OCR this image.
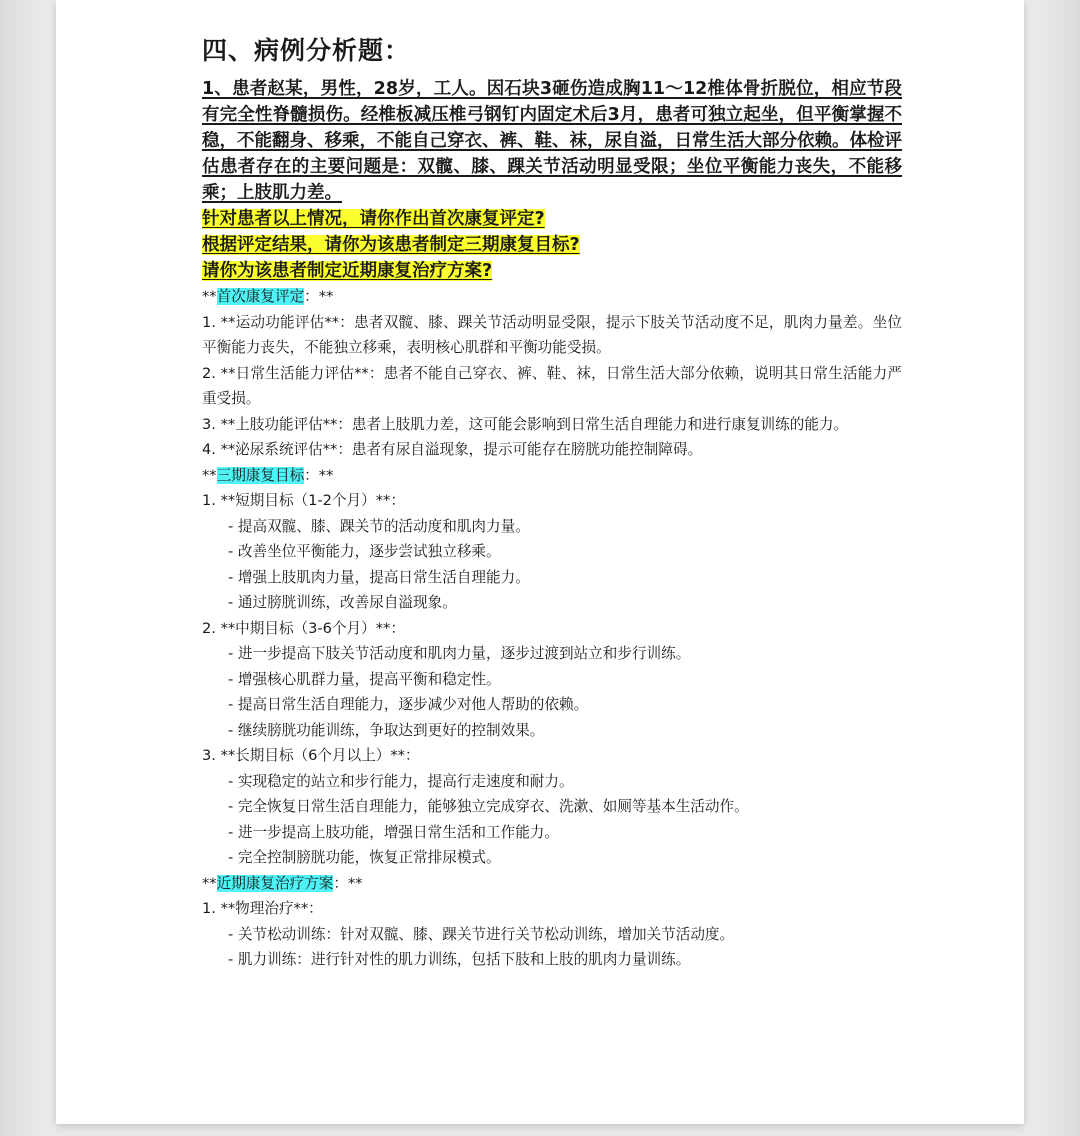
四、病例分析题：

1、患者赵某，男性，28岁，工人。因石块3砸伤造成胸11～12椎体骨折脱位，相应节段有完全性脊髓损伤。经椎板减压椎弓钢钉内固定术后3月，患者可独立起坐，但平衡掌握不稳，不能翻身、移乘，不能自己穿衣、裤、鞋、袜，尿自溢，日常生活大部分依赖。体检评估患者存在的主要问题是：双髋、膝、踝关节活动明显受限；坐位平衡能力丧失，不能移乘；上肢肌力差。

针对患者以上情况，请你作出首次康复评定?
根据评定结果，请你为该患者制定三期康复目标?
请你为该患者制定近期康复治疗方案?

**首次康复评定：**

1. **运动功能评估**：患者双髋、膝、踝关节活动明显受限，提示下肢关节活动度不足，肌肉力量差。坐位平衡能力丧失，不能独立移乘，表明核心肌群和平衡功能受损。

2. **日常生活能力评估**：患者不能自己穿衣、裤、鞋、袜，日常生活大部分依赖，说明其日常生活能力严重受损。

3. **上肢功能评估**：患者上肢肌力差，这可能会影响到日常生活自理能力和进行康复训练的能力。

4. **泌尿系统评估**：患者有尿自溢现象，提示可能存在膀胱功能控制障碍。

**三期康复目标：**

1. **短期目标（1-2个月）**：

- 提高双髋、膝、踝关节的活动度和肌肉力量。

- 改善坐位平衡能力，逐步尝试独立移乘。

- 增强上肢肌肉力量，提高日常生活自理能力。

- 通过膀胱训练，改善尿自溢现象。

2. **中期目标（3-6个月）**：

- 进一步提高下肢关节活动度和肌肉力量，逐步过渡到站立和步行训练。

- 增强核心肌群力量，提高平衡和稳定性。

- 提高日常生活自理能力，逐步减少对他人帮助的依赖。

- 继续膀胱功能训练，争取达到更好的控制效果。

3. **长期目标（6个月以上）**：

- 实现稳定的站立和步行能力，提高行走速度和耐力。

- 完全恢复日常生活自理能力，能够独立完成穿衣、洗漱、如厕等基本生活动作。

- 进一步提高上肢功能，增强日常生活和工作能力。

- 完全控制膀胱功能，恢复正常排尿模式。

**近期康复治疗方案：**

1. **物理治疗**：

- 关节松动训练：针对双髋、膝、踝关节进行关节松动训练，增加关节活动度。

- 肌力训练：进行针对性的肌力训练，包括下肢和上肢的肌肉力量训练。
